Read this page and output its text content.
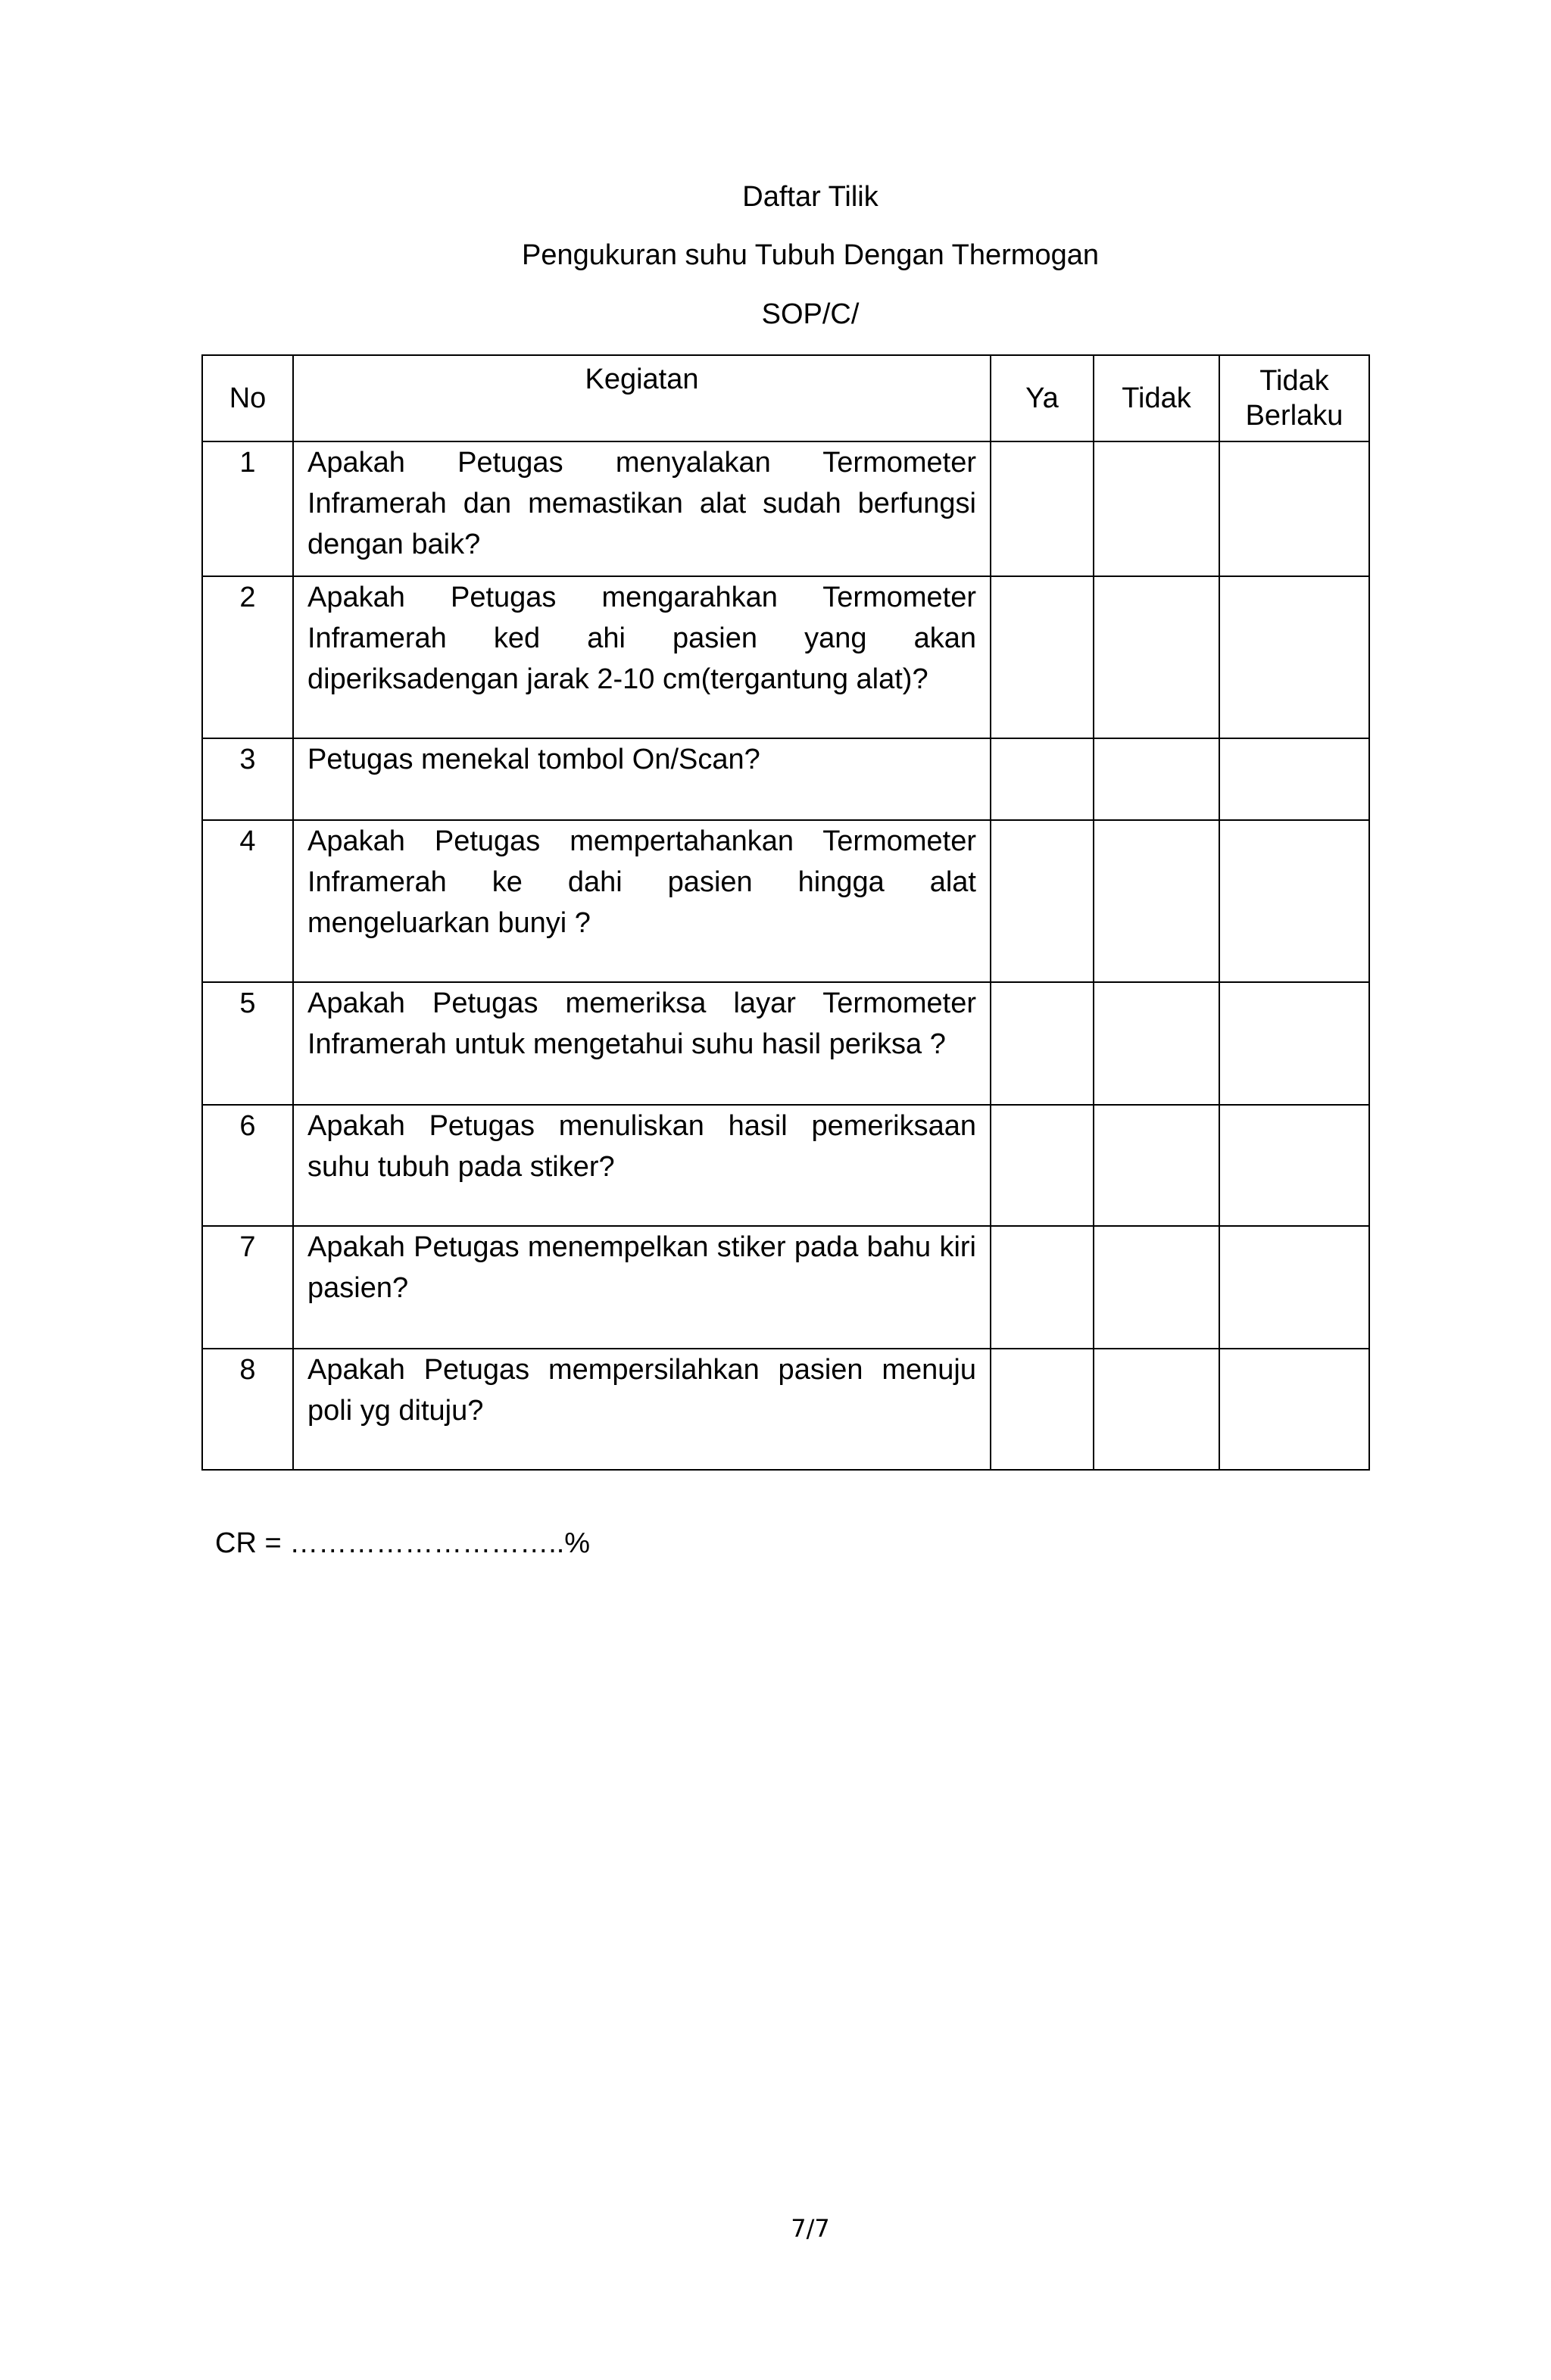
Daftar Tilik
Pengukuran suhu Tubuh Dengan Thermogan
SOP/C/
No	Kegiatan	Ya	Tidak	Tidak Berlaku
1	Apakah Petugas menyalakan Termometer Inframerah dan memastikan alat sudah berfungsi dengan baik?			
2	Apakah Petugas mengarahkan Termometer Inframerah ked ahi pasien yang akan diperiksadengan jarak 2-10 cm(tergantung alat)?			
3	Petugas menekal tombol On/Scan?			
4	Apakah Petugas mempertahankan Termometer Inframerah ke dahi pasien hingga alat mengeluarkan bunyi ?			
5	Apakah Petugas memeriksa layar Termometer Inframerah untuk mengetahui suhu hasil periksa ?			
6	Apakah Petugas menuliskan hasil pemeriksaan suhu tubuh pada stiker?			
7	Apakah Petugas menempelkan stiker pada bahu kiri pasien?			
8	Apakah Petugas mempersilahkan pasien menuju poli yg dituju?			
CR = ………………………..%
7/7
